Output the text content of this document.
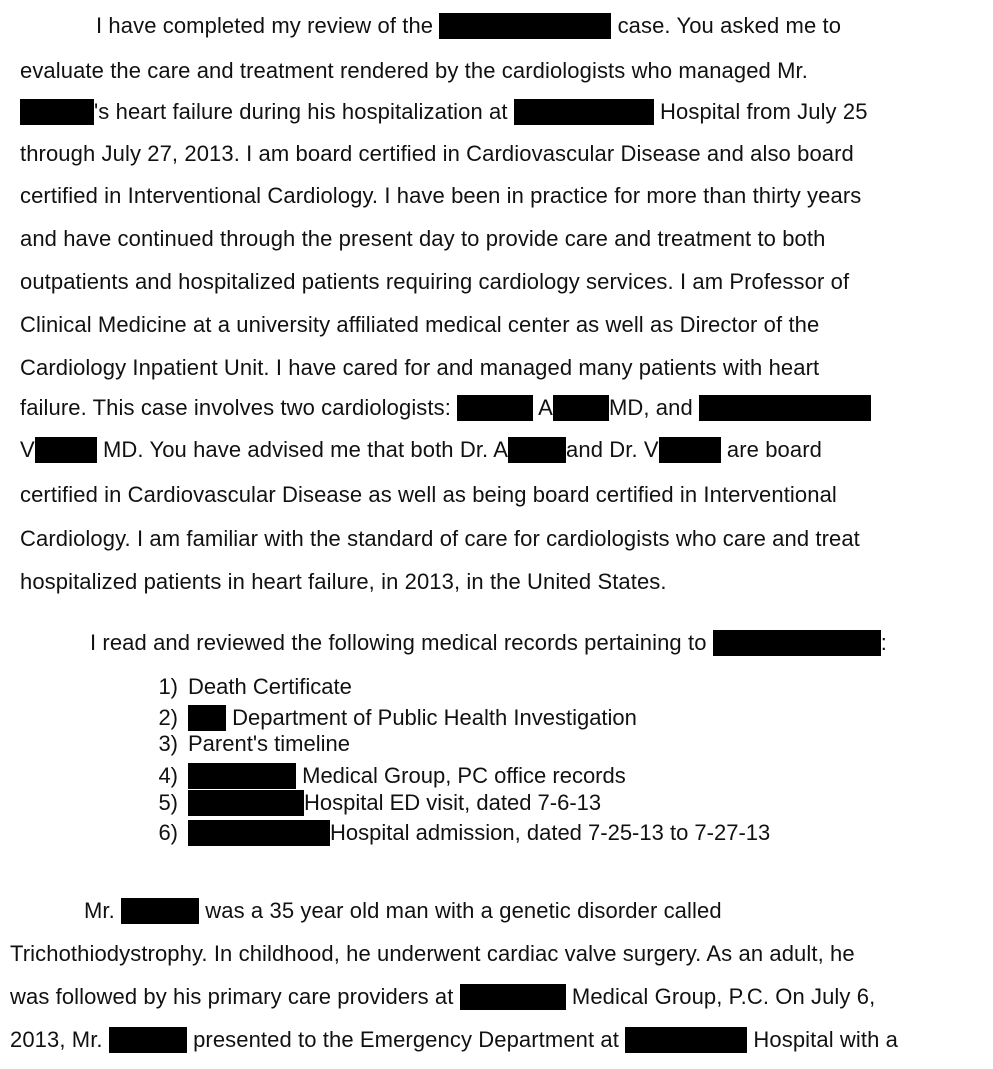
I have completed my review of the	case. You asked me to
evaluate the care and treatment rendered by the cardiologists who managed Mr.
's heart failure during his hospitalization at	Hospital from July 25
through July 27, 2013. I am board certified in Cardiovascular Disease and also board
certified in Interventional Cardiology. I have been in practice for more than thirty years
and have continued through the present day to provide care and treatment to both
outpatients and hospitalized patients requiring cardiology services. I am Professor of
Clinical Medicine at a university affiliated medical center as well as Director of the
Cardiology Inpatient Unit. I have cared for and managed many patients with heart
failure. This case involves two cardiologists:	A	MD, and
V	MD. You have advised me that both Dr. A	and Dr. V	are board
certified in Cardiovascular Disease as well as being board certified in Interventional
Cardiology. I am familiar with the standard of care for cardiologists who care and treat
hospitalized patients in heart failure, in 2013, in the United States.
I read and reviewed the following medical records pertaining to	:
1) Death Certificate
2) Department of Public Health Investigation
3) Parent's timeline
4)	Medical Group, PC office records
5)	Hospital ED visit, dated 7-6-13
6)	Hospital admission, dated 7-25-13 to 7-27-13
Mr.	was a 35 year old man with a genetic disorder called
Trichothiodystrophy. In childhood, he underwent cardiac valve surgery. As an adult, he
was followed by his primary care providers at	Medical Group, P.C. On July 6,
2013, Mr.	presented to the Emergency Department at	Hospital with a
